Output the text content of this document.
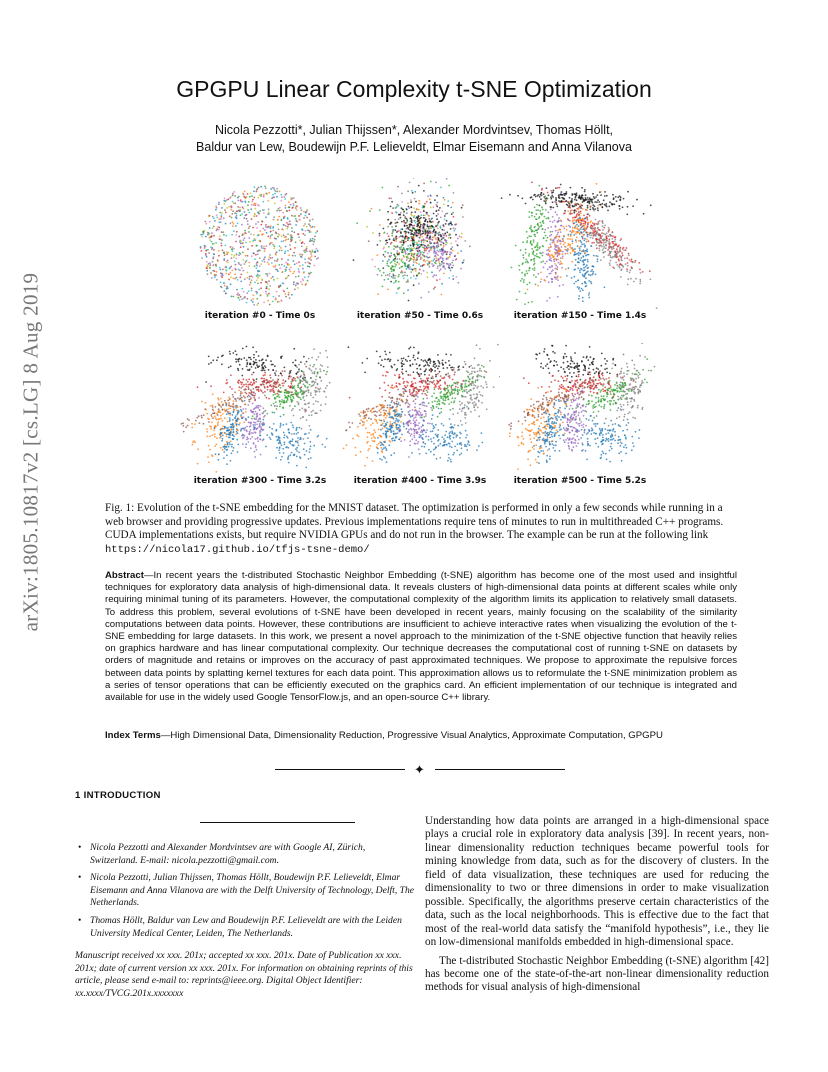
arXiv:1805.10817v2 [cs.LG] 8 Aug 2019
GPGPU Linear Complexity t-SNE Optimization
Nicola Pezzotti*, Julian Thijssen*, Alexander Mordvintsev, Thomas Höllt,
Baldur van Lew, Boudewijn P.F. Lelieveldt, Elmar Eisemann and Anna Vilanova
iteration #0 - Time 0s	iteration #50 - Time 0.6s	iteration #150 - Time 1.4s
iteration #300 - Time 3.2s	iteration #400 - Time 3.9s	iteration #500 - Time 5.2s
Fig. 1: Evolution of the t-SNE embedding for the MNIST dataset. The optimization is performed in only a few seconds while running in a web browser and providing progressive updates. Previous implementations require tens of minutes to run in multithreaded C++ programs. CUDA implementations exists, but require NVIDIA GPUs and do not run in the browser. The example can be run at the following link https://nicola17.github.io/tfjs-tsne-demo/
Abstract—In recent years the t-distributed Stochastic Neighbor Embedding (t-SNE) algorithm has become one of the most used and insightful techniques for exploratory data analysis of high-dimensional data. It reveals clusters of high-dimensional data points at different scales while only requiring minimal tuning of its parameters. However, the computational complexity of the algorithm limits its application to relatively small datasets. To address this problem, several evolutions of t-SNE have been developed in recent years, mainly focusing on the scalability of the similarity computations between data points. However, these contributions are insufficient to achieve interactive rates when visualizing the evolution of the t-SNE embedding for large datasets. In this work, we present a novel approach to the minimization of the t-SNE objective function that heavily relies on graphics hardware and has linear computational complexity. Our technique decreases the computational cost of running t-SNE on datasets by orders of magnitude and retains or improves on the accuracy of past approximated techniques. We propose to approximate the repulsive forces between data points by splatting kernel textures for each data point. This approximation allows us to reformulate the t-SNE minimization problem as a series of tensor operations that can be efficiently executed on the graphics card. An efficient implementation of our technique is integrated and available for use in the widely used Google TensorFlow.js, and an open-source C++ library.
Index Terms—High Dimensional Data, Dimensionality Reduction, Progressive Visual Analytics, Approximate Computation, GPGPU
✦
1 INTRODUCTION
• Nicola Pezzotti and Alexander Mordvintsev are with Google AI, Zürich, Switzerland. E-mail: nicola.pezzotti@gmail.com.
• Nicola Pezzotti, Julian Thijssen, Thomas Höllt, Boudewijn P.F. Lelieveldt, Elmar Eisemann and Anna Vilanova are with the Delft University of Technology, Delft, The Netherlands.
• Thomas Höllt, Baldur van Lew and Boudewijn P.F. Lelieveldt are with the Leiden University Medical Center, Leiden, The Netherlands.
Manuscript received xx xxx. 201x; accepted xx xxx. 201x. Date of Publication xx xxx. 201x; date of current version xx xxx. 201x. For information on obtaining reprints of this article, please send e-mail to: reprints@ieee.org. Digital Object Identifier: xx.xxxx/TVCG.201x.xxxxxxx

Understanding how data points are arranged in a high-dimensional space plays a crucial role in exploratory data analysis [39]. In recent years, non-linear dimensionality reduction techniques became powerful tools for mining knowledge from data, such as for the discovery of clusters. In the field of data visualization, these techniques are used for reducing the dimensionality to two or three dimensions in order to make visualization possible. Specifically, the algorithms preserve certain characteristics of the data, such as the local neighborhoods. This is effective due to the fact that most of the real-world data satisfy the “manifold hypothesis”, i.e., they lie on low-dimensional manifolds embedded in high-dimensional space.

The t-distributed Stochastic Neighbor Embedding (t-SNE) algorithm [42] has become one of the state-of-the-art non-linear dimensionality reduction methods for visual analysis of high-dimensional
